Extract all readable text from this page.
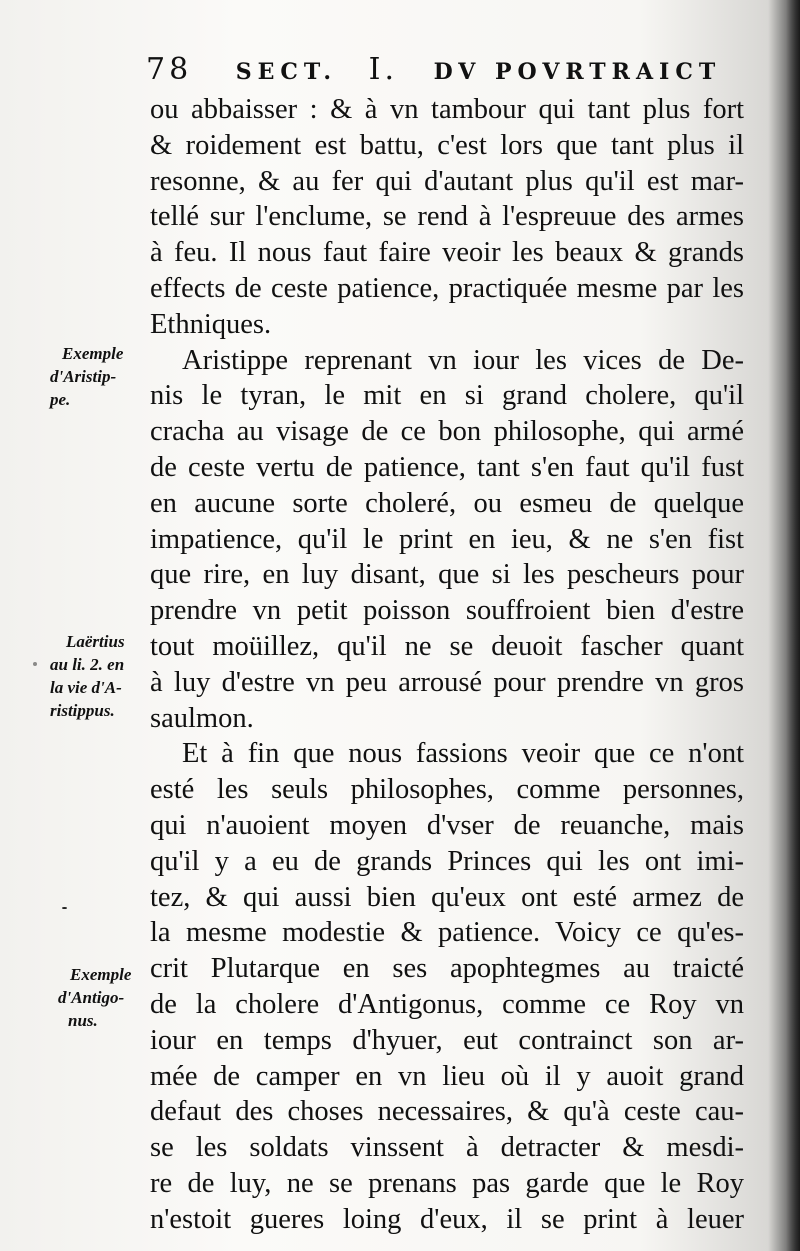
78 SECT. I. DV POVRTRAICT
ou abbaisser : & à vn tambour qui tant plus fort
& roidement est battu, c'est lors que tant plus il
resonne, & au fer qui d'autant plus qu'il est mar-
tellé sur l'enclume, se rend à l'espreuue des armes
à feu. Il nous faut faire veoir les beaux & grands
effects de ceste patience, practiquée mesme par les
Ethniques.
Aristippe reprenant vn iour les vices de De-
nis le tyran, le mit en si grand cholere, qu'il
cracha au visage de ce bon philosophe, qui armé
de ceste vertu de patience, tant s'en faut qu'il fust
en aucune sorte choleré, ou esmeu de quelque
impatience, qu'il le print en ieu, & ne s'en fist
que rire, en luy disant, que si les pescheurs pour
prendre vn petit poisson souffroient bien d'estre
tout moüillez, qu'il ne se deuoit fascher quant
à luy d'estre vn peu arrousé pour prendre vn gros
saulmon.
Et à fin que nous fassions veoir que ce n'ont
esté les seuls philosophes, comme personnes,
qui n'auoient moyen d'vser de reuanche, mais
qu'il y a eu de grands Princes qui les ont imi-
tez, & qui aussi bien qu'eux ont esté armez de
la mesme modestie & patience. Voicy ce qu'es-
crit Plutarque en ses apophtegmes au traicté
de la cholere d'Antigonus, comme ce Roy vn
iour en temps d'hyuer, eut contrainct son ar-
mée de camper en vn lieu où il y auoit grand
defaut des choses necessaires, & qu'à ceste cau-
se les soldats vinssent à detracter & mesdi-
re de luy, ne se prenans pas garde que le Roy
n'estoit gueres loing d'eux, il se print à leuer
Exemple
d'Aristip-
pe.
Laërtius
au li. 2. en
la vie d'A-
ristippus.
Exemple
d'Antigo-
nus.
